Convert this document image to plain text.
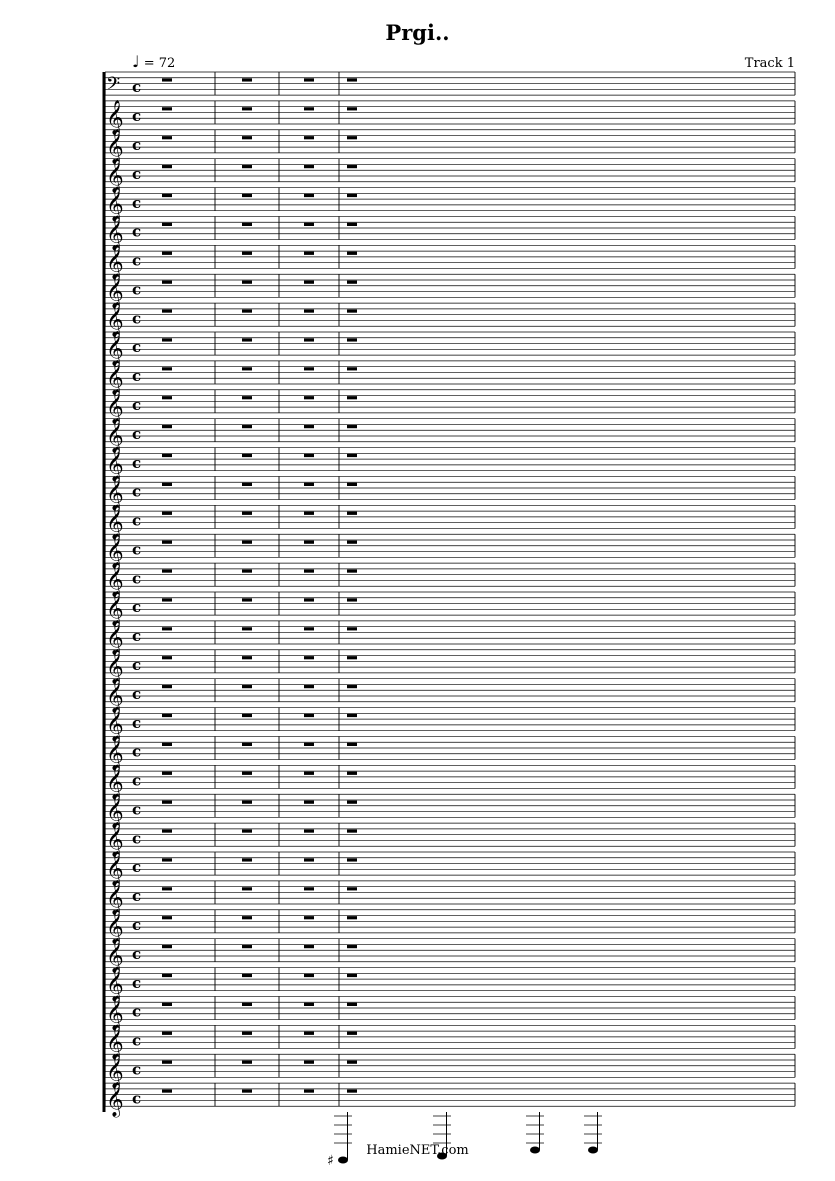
Prgi..
♩ = 72	Track 1
𝄢 c
𝄞 c
𝄞 c
𝄞 c
𝄞 c
𝄞 c
𝄞 c
𝄞 c
𝄞 c
𝄞 c
𝄞 c
𝄞 c
𝄞 c
𝄞 c
𝄞 c
𝄞 c
𝄞 c
𝄞 c
𝄞 c
𝄞 c
𝄞 c
𝄞 c
𝄞 c
𝄞 c
𝄞 c
𝄞 c
𝄞 c
𝄞 c
𝄞 c
𝄞 c
𝄞 c
𝄞 c
𝄞 c
𝄞 c
𝄞 c
𝄞 c
♯
HamieNET.com
